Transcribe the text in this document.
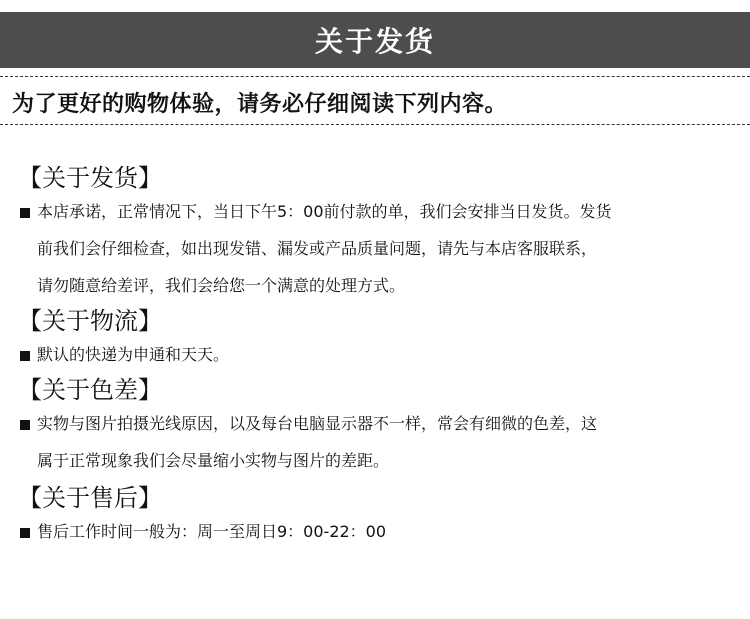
关于发货
为了更好的购物体验，请务必仔细阅读下列内容。
【关于发货】
本店承诺，正常情况下，当日下午5：00前付款的单，我们会安排当日发货。发货
前我们会仔细检查，如出现发错、漏发或产品质量问题，请先与本店客服联系，
请勿随意给差评，我们会给您一个满意的处理方式。
【关于物流】
默认的快递为申通和天天。
【关于色差】
实物与图片拍摄光线原因，以及每台电脑显示器不一样，常会有细微的色差，这
属于正常现象我们会尽量缩小实物与图片的差距。
【关于售后】
售后工作时间一般为：周一至周日9：00-22：00
